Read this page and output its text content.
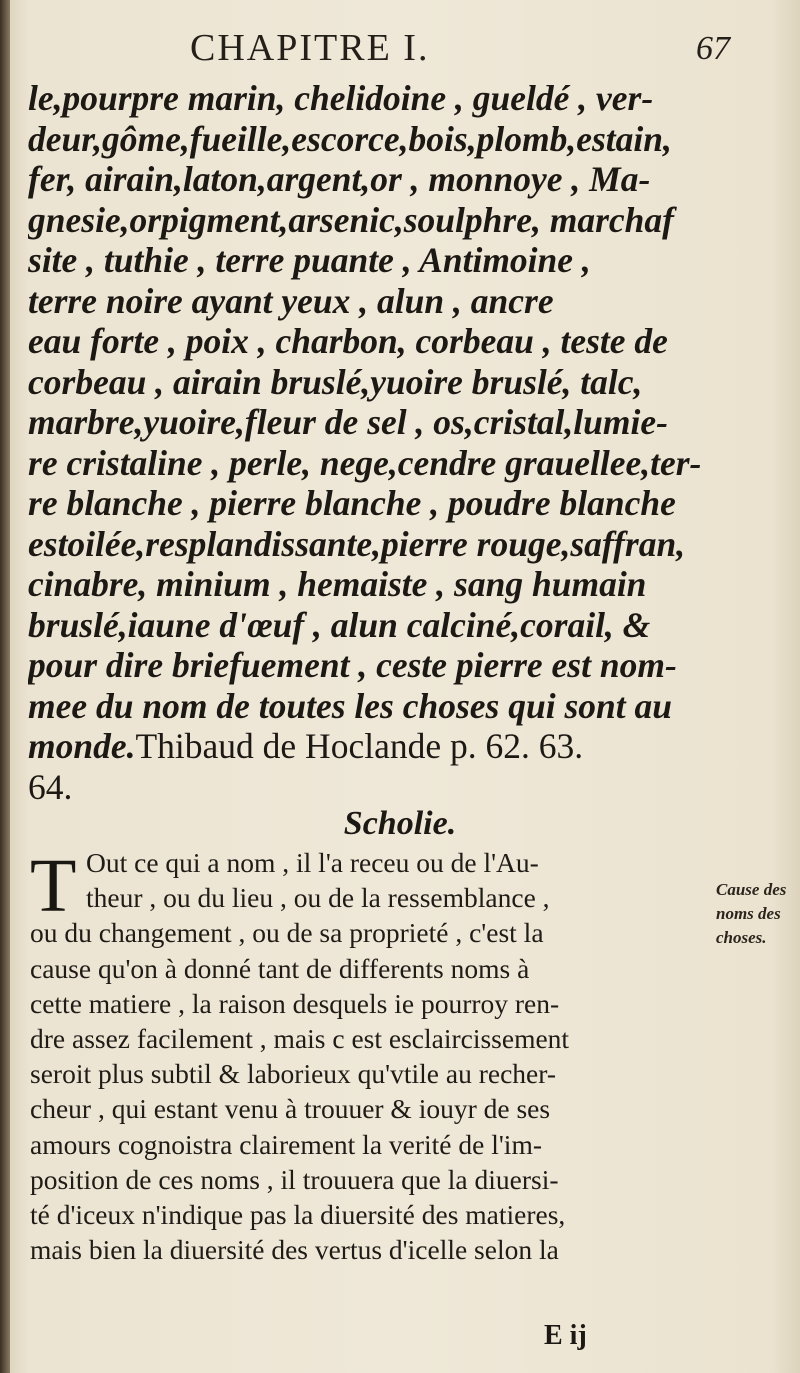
CHAPITRE I.	67
le,pourpre marin, chelidoine , gueldé , ver-
deur,gôme,fueille,escorce,bois,plomb,estain,
fer, airain,laton,argent,or , monnoye , Ma-
gnesie,orpigment,arsenic,soulphre, marchaf
site , tuthie , terre puante , Antimoine ,
terre noire ayant yeux , alun , ancre
eau forte , poix , charbon, corbeau , teste de
corbeau , airain bruslé,yuoire bruslé, talc,
marbre,yuoire,fleur de sel , os,cristal,lumie-
re cristaline , perle, nege,cendre grauellee,ter-
re blanche , pierre blanche , poudre blanche
estoilée,resplandissante,pierre rouge,saffran,
cinabre, minium , hemaiste , sang humain
bruslé,iaune d'œuf , alun calciné,corail, &
pour dire briefuement , ceste pierre est nom-
mee du nom de toutes les choses qui sont au
monde.Thibaud de Hoclande p. 62. 63.
64.
Scholie.
T Out ce qui a nom , il l'a receu ou de l'Au-
theur , ou du lieu , ou de la ressemblance ,
ou du changement , ou de sa proprieté , c'est la
cause qu'on à donné tant de differents noms à
cette matiere , la raison desquels ie pourroy ren-
dre assez facilement , mais c est esclaircissement
seroit plus subtil & laborieux qu'vtile au recher-
cheur , qui estant venu à trouuer & iouyr de ses
amours cognoistra clairement la verité de l'im-
position de ces noms , il trouuera que la diuersi-
té d'iceux n'indique pas la diuersité des matieres,
mais bien la diuersité des vertus d'icelle selon la
Cause des
noms des
choses.
E ij
